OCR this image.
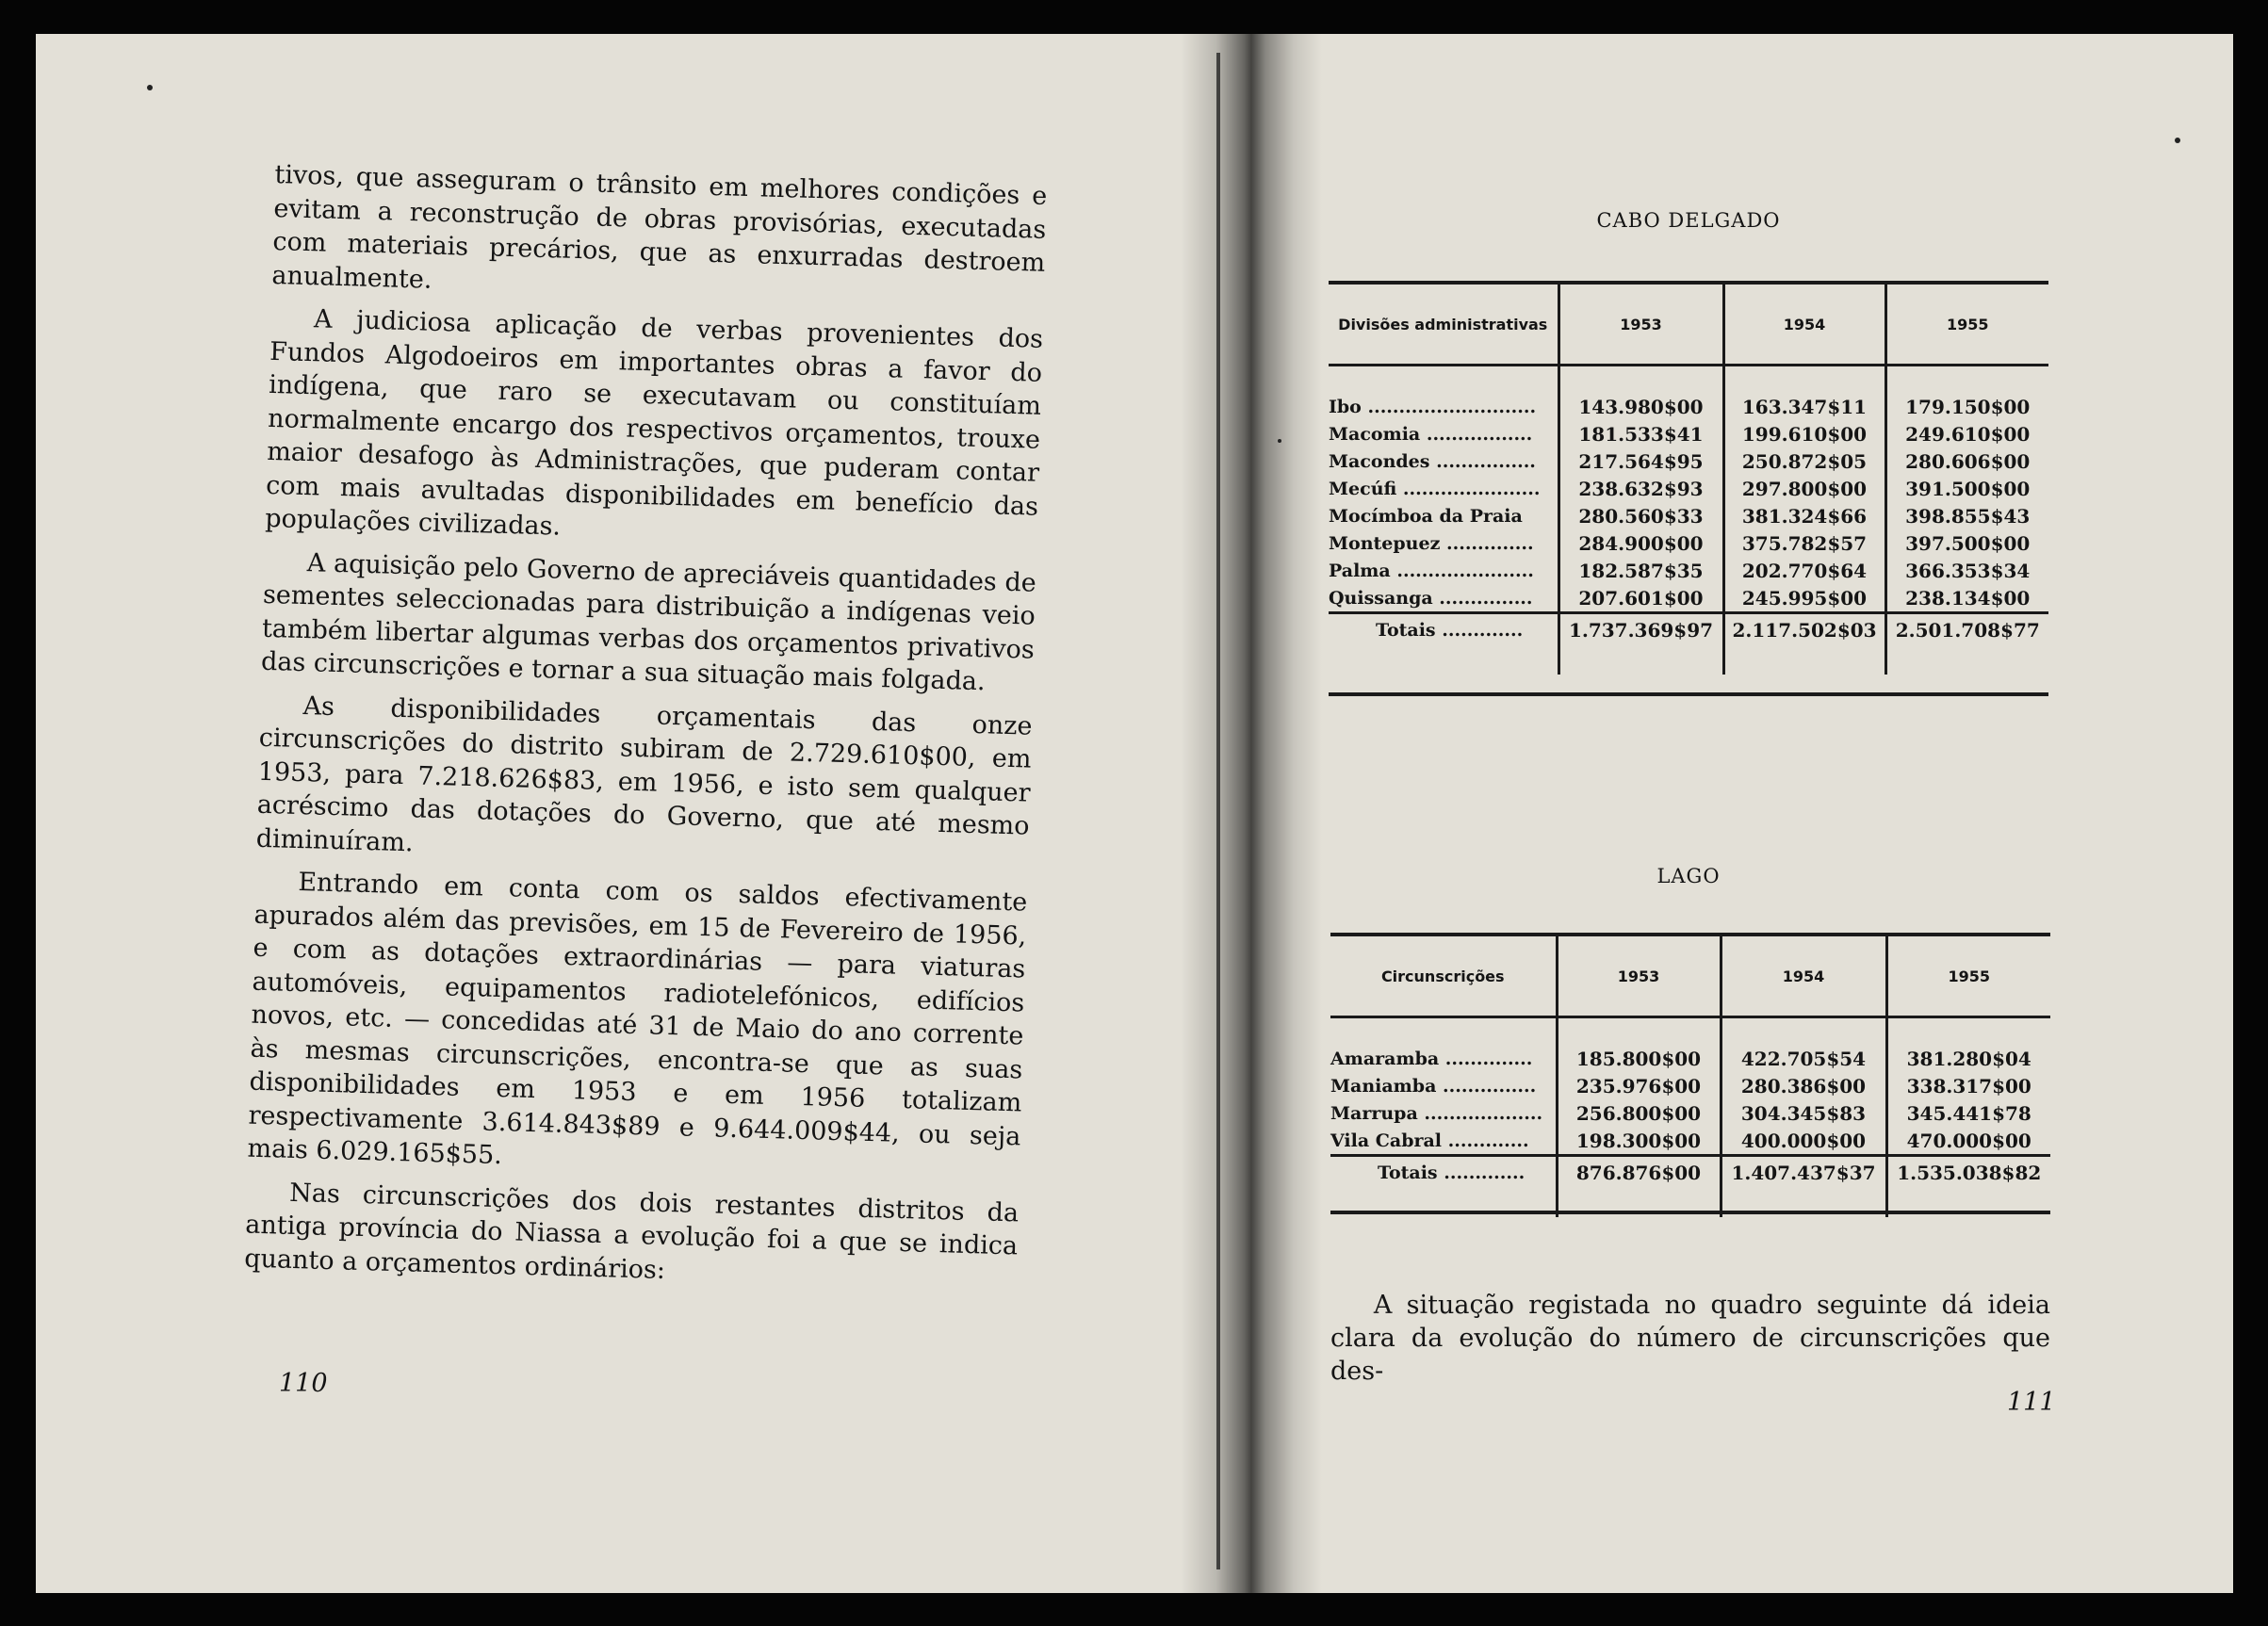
tivos, que asseguram o trânsito em melhores condições e evitam a reconstrução de obras provisórias, executadas com materiais precários, que as enxurradas destroem anualmente.

A judiciosa aplicação de verbas provenientes dos Fundos Algodoeiros em importantes obras a favor do indígena, que raro se executavam ou constituíam normalmente encargo dos respectivos orçamentos, trouxe maior desafogo às Administrações, que puderam contar com mais avultadas disponibilidades em benefício das populações civilizadas.

A aquisição pelo Governo de apreciáveis quantidades de sementes seleccionadas para distribuição a indígenas veio também libertar algumas verbas dos orçamentos privativos das circunscrições e tornar a sua situação mais folgada.

As disponibilidades orçamentais das onze circunscrições do distrito subiram de 2.729.610$00, em 1953, para 7.218.626$83, em 1956, e isto sem qualquer acréscimo das dotações do Governo, que até mesmo diminuíram.

Entrando em conta com os saldos efectivamente apurados além das previsões, em 15 de Fevereiro de 1956, e com as dotações extraordinárias — para viaturas automóveis, equipamentos radiotelefónicos, edifícios novos, etc. — concedidas até 31 de Maio do ano corrente às mesmas circunscrições, encontra-se que as suas disponibilidades em 1953 e em 1956 totalizam respectivamente 3.614.843$89 e 9.644.009$44, ou seja mais 6.029.165$55.

Nas circunscrições dos dois restantes distritos da antiga província do Niassa a evolução foi a que se indica quanto a orçamentos ordinários:

110
CABO DELGADO
Divisões administrativas	1953	1954	1955

Ibo ...........................	143.980$00	163.347$11	179.150$00
Macomia .................	181.533$41	199.610$00	249.610$00
Macondes ................	217.564$95	250.872$05	280.606$00
Mecúfi ......................	238.632$93	297.800$00	391.500$00
Mocímboa da Praia	280.560$33	381.324$66	398.855$43
Montepuez ..............	284.900$00	375.782$57	397.500$00
Palma ......................	182.587$35	202.770$64	366.353$34
Quissanga ...............	207.601$00	245.995$00	238.134$00
Totais .............	1.737.369$97	2.117.502$03	2.501.708$77

LAGO
Circunscrições	1953	1954	1955

Amaramba ..............	185.800$00	422.705$54	381.280$04
Maniamba ...............	235.976$00	280.386$00	338.317$00
Marrupa ...................	256.800$00	304.345$83	345.441$78
Vila Cabral .............	198.300$00	400.000$00	470.000$00
Totais .............	876.876$00	1.407.437$37	1.535.038$82

A situação registada no quadro seguinte dá ideia clara da evolução do número de circunscrições que des-

111
